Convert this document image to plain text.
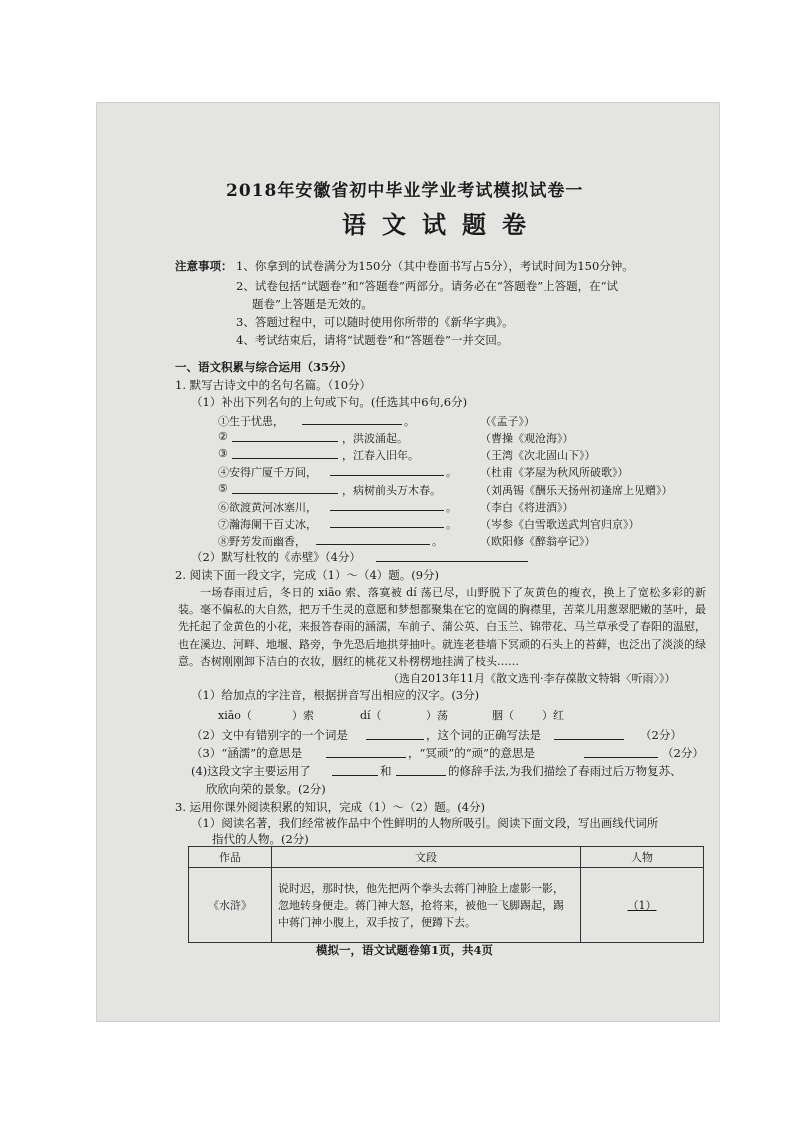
2018年安徽省初中毕业学业考试模拟试卷一
语文试题卷
注意事项： 1、你拿到的试卷满分为150分（其中卷面书写占5分），考试时间为150分钟。
2、试卷包括“试题卷”和“答题卷”两部分。请务必在“答题卷”上答题，在“试
题卷”上答题是无效的。
3、答题过程中，可以随时使用你所带的《新华字典》。
4、考试结束后，请将“试题卷”和“答题卷”一并交回。
一、语文积累与综合运用（35分）
1. 默写古诗文中的名句名篇。（10分）
（1）补出下列名句的上句或下句。(任选其中6句,6分)
①生于忧患，	。	（《孟子》）
②	，洪波涌起。	（曹操《观沧海》）
③	，江春入旧年。	（王湾《次北固山下》）
④安得广厦千万间，	。 （杜甫《茅屋为秋风所破歌》）
⑤	，病树前头万木春。	（刘禹锡《酬乐天扬州初逢席上见赠》）
⑥欲渡黄河冰塞川，	。 （李白《将进酒》）
⑦瀚海阑干百丈冰，	。 （岑参《白雪歌送武判官归京》）
⑧野芳发而幽香，	。	（欧阳修《醉翁亭记》）
（2）默写杜牧的《赤壁》（4分）
2. 阅读下面一段文字，完成（1）～（4）题。(9分)
一场春雨过后，冬日的 xiāo 索、落寞被 dí 荡已尽，山野脱下了灰黄色的瘦衣，换上了宽松多彩的新装。毫不偏私的大自然，把万千生灵的意愿和梦想都聚集在它的宽阔的胸襟里，苦菜儿用葱翠肥嫩的茎叶，最先托起了金黄色的小花，来报答春雨的涵濡，车前子、蒲公英、白玉兰、锦带花、马兰草承受了春阳的温慰，也在溪边、河畔、地堰、路旁，争先恐后地拱芽抽叶。就连老巷墙下冥顽的石头上的苔藓，也泛出了淡淡的绿意。杏树刚刚卸下洁白的衣妆，胭红的桃花又朴楞楞地挂满了枝头……
（选自2013年11月《散文选刊·李存葆散文特辑〈听雨〉》）
（1）给加点的字注音，根据拼音写出相应的汉字。(3分)
xiāo（	）索	dí（	）荡	胭（	）红
（2）文中有错别字的一个词是	，这个词的正确写法是	（2分）
（3）“涵濡”的意思是	，“冥顽”的“顽”的意思是	（2分）
(4)这段文字主要运用了	和	的修辞手法,为我们描绘了春雨过后万物复苏、
欣欣向荣的景象。(2分)
3. 运用你课外阅读积累的知识，完成（1）～（2）题。(4分)
（1）阅读名著，我们经常被作品中个性鲜明的人物所吸引。阅读下面文段，写出画线代词所
指代的人物。(2分)
作品	文段	人物
《水浒》	说时迟，那时快，他先把两个拳头去蒋门神脸上虚影一影，忽地转身便走。蒋门神大怒，抢将来，被他一飞脚踢起，踢中蒋门神小腹上，双手按了，便蹲下去。	（1）
模拟一，语文试题卷第1页，共4页
